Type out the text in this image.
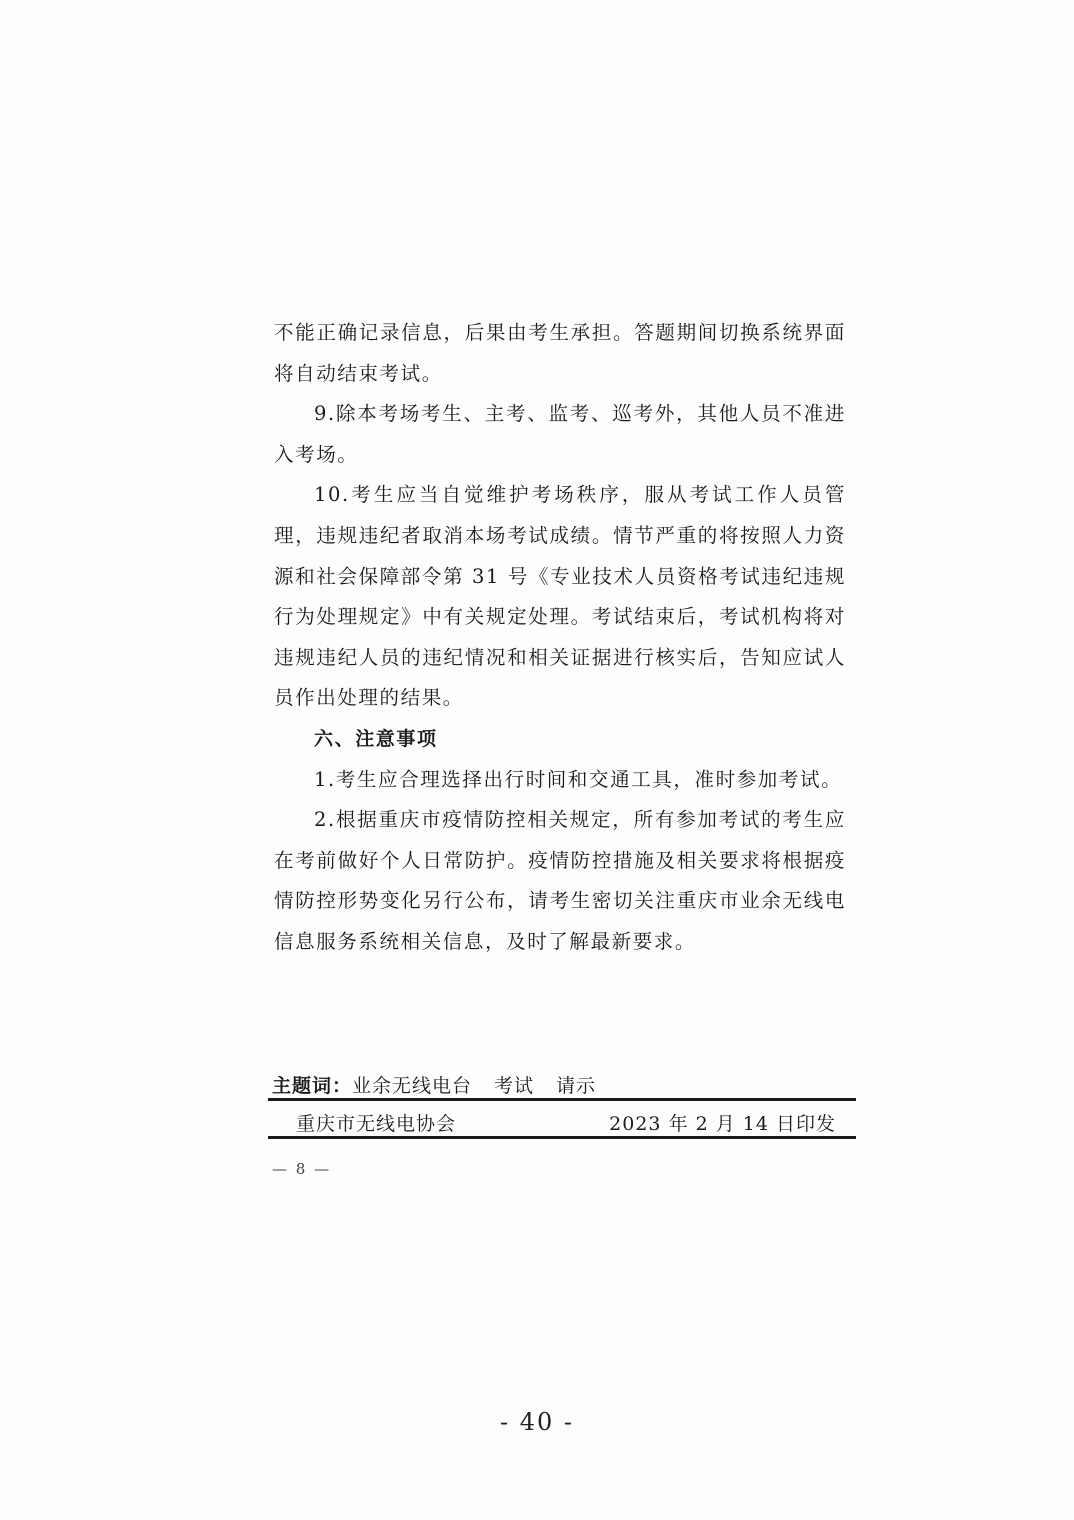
不能正确记录信息，后果由考生承担。答题期间切换系统界面将自动结束考试。

9.除本考场考生、主考、监考、巡考外，其他人员不准进入考场。

10.考生应当自觉维护考场秩序，服从考试工作人员管理，违规违纪者取消本场考试成绩。情节严重的将按照人力资源和社会保障部令第 31 号《专业技术人员资格考试违纪违规行为处理规定》中有关规定处理。考试结束后，考试机构将对违规违纪人员的违纪情况和相关证据进行核实后，告知应试人员作出处理的结果。

六、注意事项

1.考生应合理选择出行时间和交通工具，准时参加考试。

2.根据重庆市疫情防控相关规定，所有参加考试的考生应在考前做好个人日常防护。疫情防控措施及相关要求将根据疫情防控形势变化另行公布，请考生密切关注重庆市业余无线电信息服务系统相关信息，及时了解最新要求。

主题词：业余无线电台 考试 请示
重庆市无线电协会	2023 年 2 月 14 日印发
— 8 —
- 40 -
